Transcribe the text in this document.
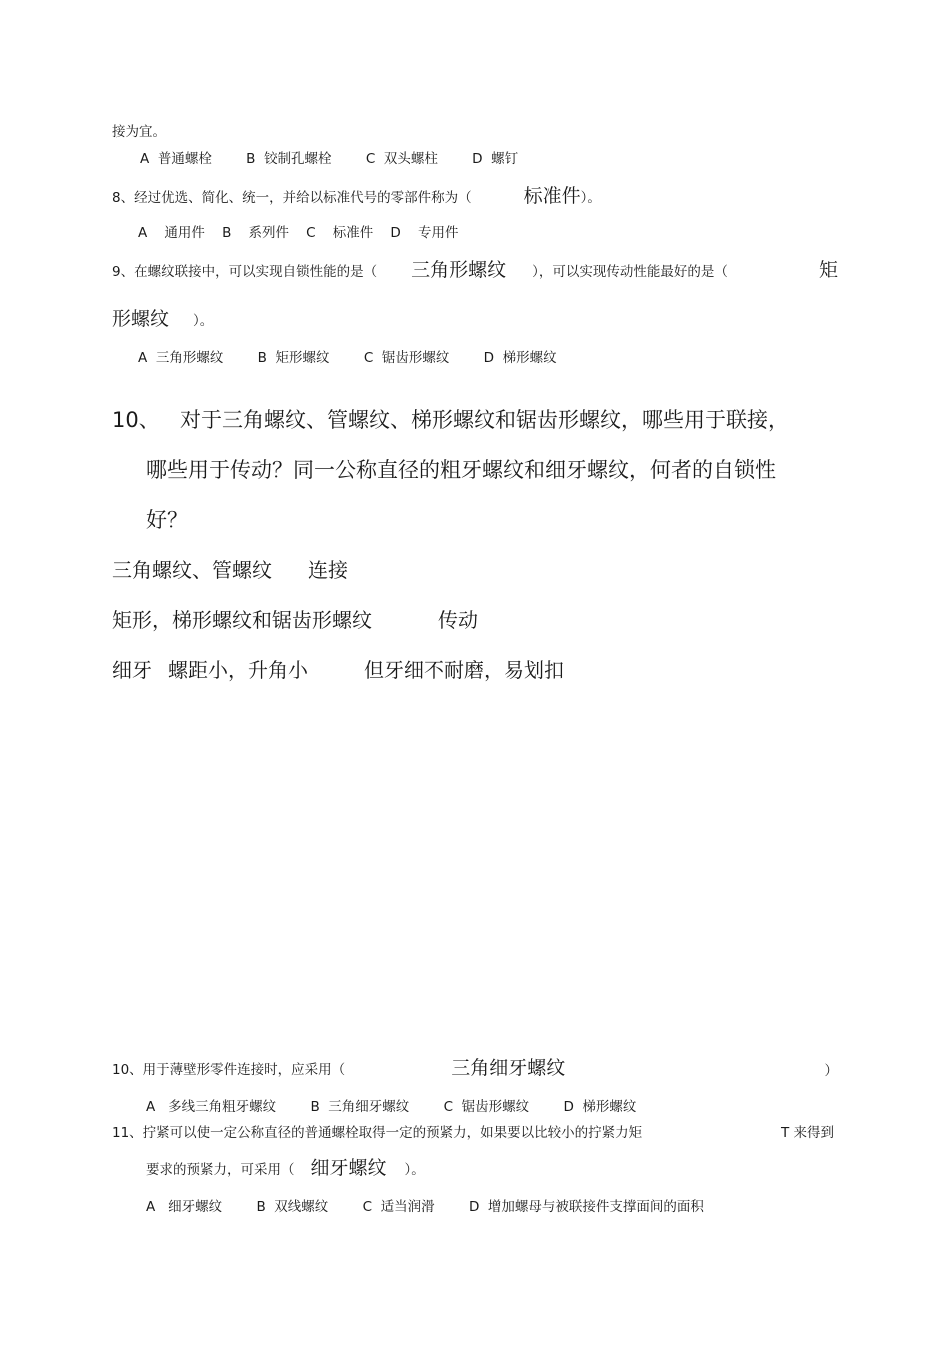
接为宜。
A  普通螺栓        B  铰制孔螺栓        C  双头螺柱        D  螺钉
8、经过优选、简化、统一，并给以标准代号的零部件称为（	标准件）。
A    通用件    B    系列件    C    标准件    D    专用件
9、在螺纹联接中，可以实现自锁性能的是（ 三角形螺纹 ），可以实现传动性能最好的是（	矩
形螺纹 ）。
A  三角形螺纹        B  矩形螺纹        C  锯齿形螺纹        D  梯形螺纹
10、 对于三角螺纹、管螺纹、梯形螺纹和锯齿形螺纹，哪些用于联接，
哪些用于传动？同一公称直径的粗牙螺纹和细牙螺纹，何者的自锁性
好？
三角螺纹、管螺纹 连接
矩形，梯形螺纹和锯齿形螺纹	传动
细牙 螺距小，升角小	但牙细不耐磨，易划扣
10、用于薄壁形零件连接时，应采用（	三角细牙螺纹	）
A   多线三角粗牙螺纹        B  三角细牙螺纹        C  锯齿形螺纹        D  梯形螺纹
11、拧紧可以使一定公称直径的普通螺栓取得一定的预紧力，如果要以比较小的拧紧力矩	T 来得到
要求的预紧力，可采用（ 细牙螺纹 ）。
A   细牙螺纹        B  双线螺纹        C  适当润滑        D  增加螺母与被联接件支撑面间的面积
